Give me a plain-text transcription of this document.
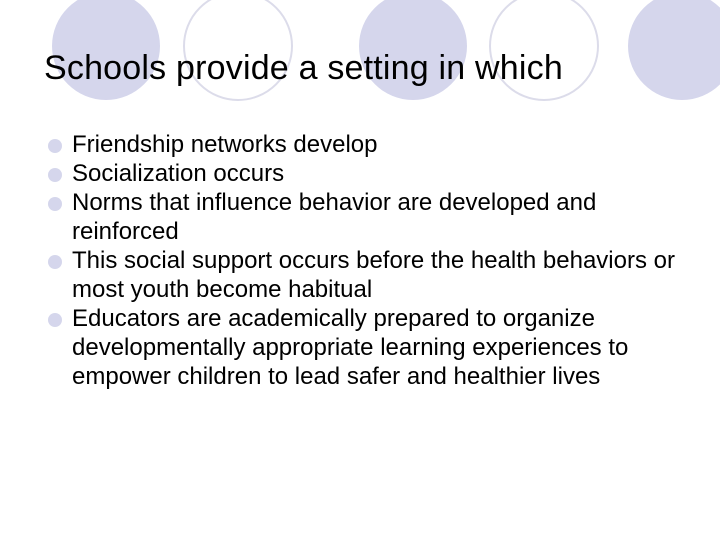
Schools provide a setting in which
Friendship networks develop
Socialization occurs
Norms that influence behavior are developed and reinforced
This social support occurs before the health behaviors or most youth become habitual
Educators are academically prepared to organize developmentally appropriate learning experiences to empower children to lead safer and healthier lives
